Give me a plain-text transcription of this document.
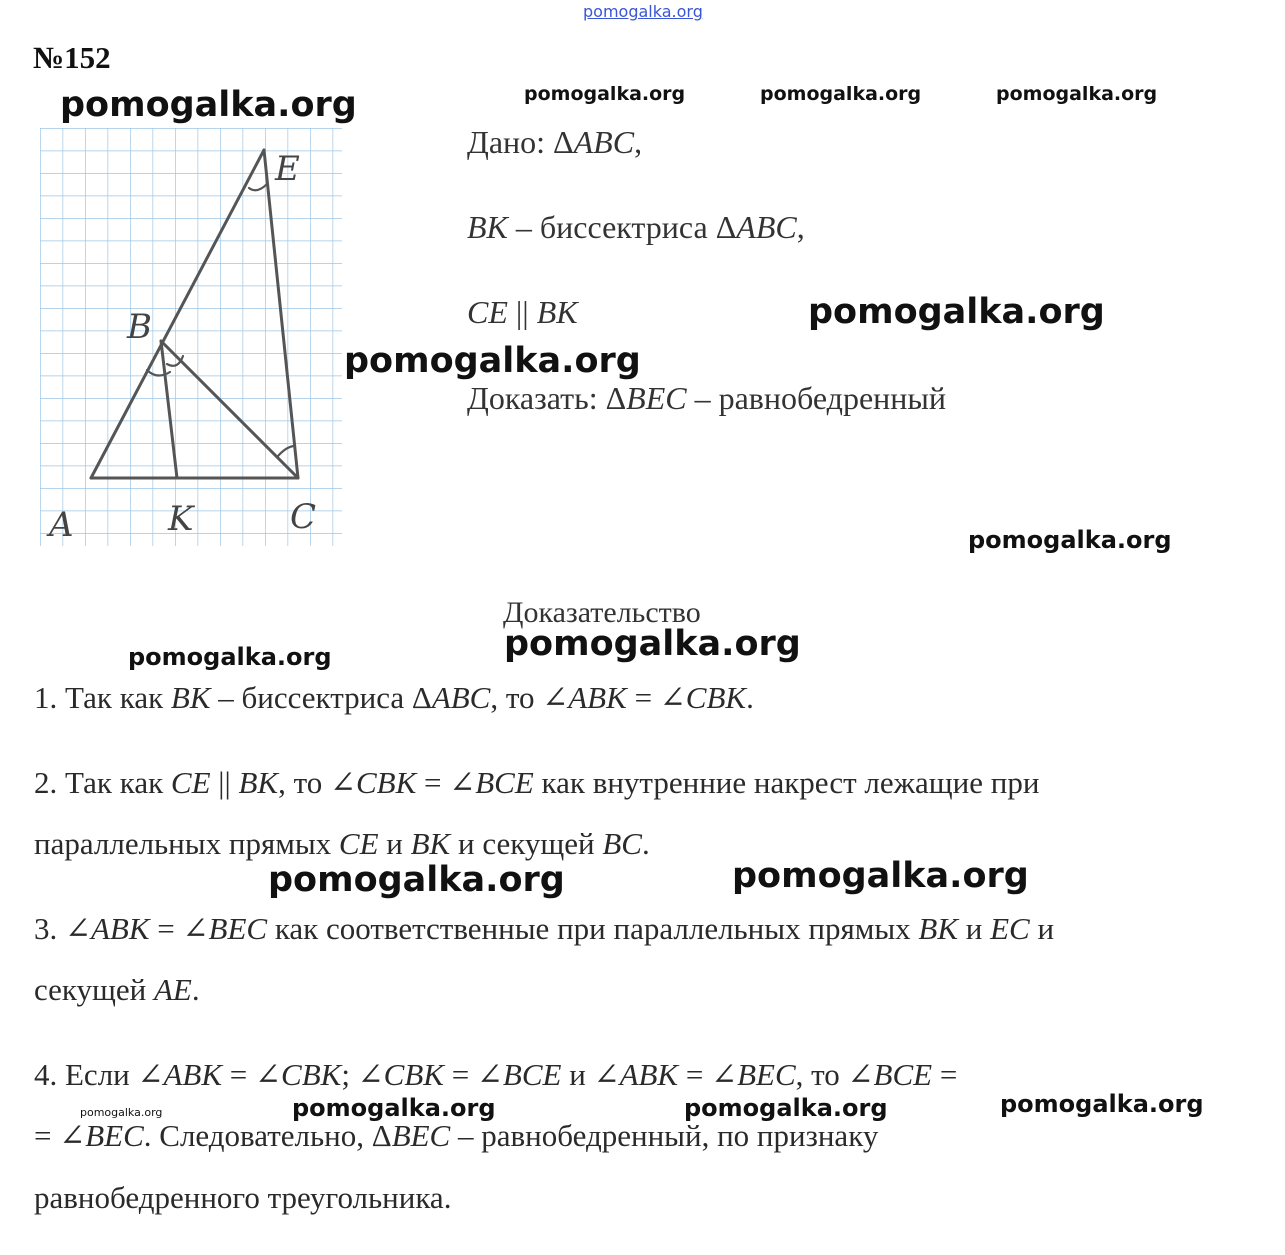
pomogalka.org
№152
A	K	C
B
E
Дано: ΔABC,
BK – биссектриса ΔABC,
CE || BK
Доказать: ΔBEC – равнобедренный
Доказательство
1. Так как BK – биссектриса ΔABC, то ∠ABK = ∠CBK.
2. Так как CE || BK, то ∠CBK = ∠BCE как внутренние накрест лежащие при
параллельных прямых CE и BK и секущей BC.
3. ∠ABK = ∠BEC как соответственные при параллельных прямых BK и EC и
секущей AE.
4. Если ∠ABK = ∠CBK; ∠CBK = ∠BCE и ∠ABK = ∠BEC, то ∠BCE =
= ∠BEC. Следовательно, ΔBEC – равнобедренный, по признаку
равнобедренного треугольника.
pomogalka.org	pomogalka.org	pomogalka.org	pomogalka.org
pomogalka.org
pomogalka.org
pomogalka.org
pomogalka.org
pomogalka.org
pomogalka.org	pomogalka.org
pomogalka.org	pomogalka.org	pomogalka.org
pomogalka.org
